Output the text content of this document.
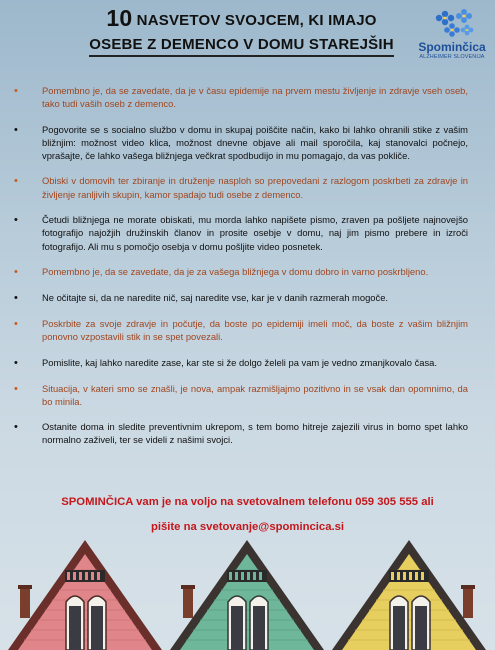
10 NASVETOV SVOJCEM, KI IMAJO
OSEBE Z DEMENCO V DOMU STAREJŠIH	Spominčica
ALZHEIMER SLOVENIJA
•	Pomembno je, da se zavedate, da je v času epidemije na prvem mestu življenje in zdravje vseh oseb, tako tudi vaših oseb z demenco.
•	Pogovorite se s socialno službo v domu in skupaj poiščite način, kako bi lahko ohranili stike z vašim bližnjim: možnost video klica, možnost dnevne objave ali mail sporočila, kaj stanovalci počnejo, vprašajte, če lahko vašega bližnjega večkrat spodbudijo in mu pomagajo, da vas pokliče.
•	Obiski v domovih ter zbiranje in druženje nasploh so prepovedani z razlogom poskrbeti za zdravje in življenje ranljivih skupin, kamor spadajo tudi osebe z demenco.
•	Četudi bližnjega ne morate obiskati, mu morda lahko napišete pismo, zraven pa pošljete najnovejšo fotografijo najožjih družinskih članov in prosite osebje v domu, naj jim pismo prebere in izroči fotografijo. Ali mu s pomočjo osebja v domu pošljite video posnetek.
•	Pomembno je, da se zavedate, da je za vašega bližnjega v domu dobro in varno poskrbljeno.
•	Ne očitajte si, da ne naredite nič, saj naredite vse, kar je v danih razmerah mogoče.
•	Poskrbite za svoje zdravje in počutje, da boste po epidemiji imeli moč, da boste z vašim bližnjim ponovno vzpostavili stik in se spet povezali.
•	Pomislite, kaj lahko naredite zase, kar ste si že dolgo želeli pa vam je vedno zmanjkovalo časa.
•	Situacija, v kateri smo se znašli, je nova, ampak razmišljajmo pozitivno in se vsak dan opomnimo, da bo minila.
•	Ostanite doma in sledite preventivnim ukrepom, s tem bomo hitreje zajezili virus in bomo spet lahko normalno zaživeli, ter se videli z našimi svojci.
SPOMINČICA vam je na voljo na svetovalnem telefonu 059 305 555 ali
pišite na svetovanje@spomincica.si
